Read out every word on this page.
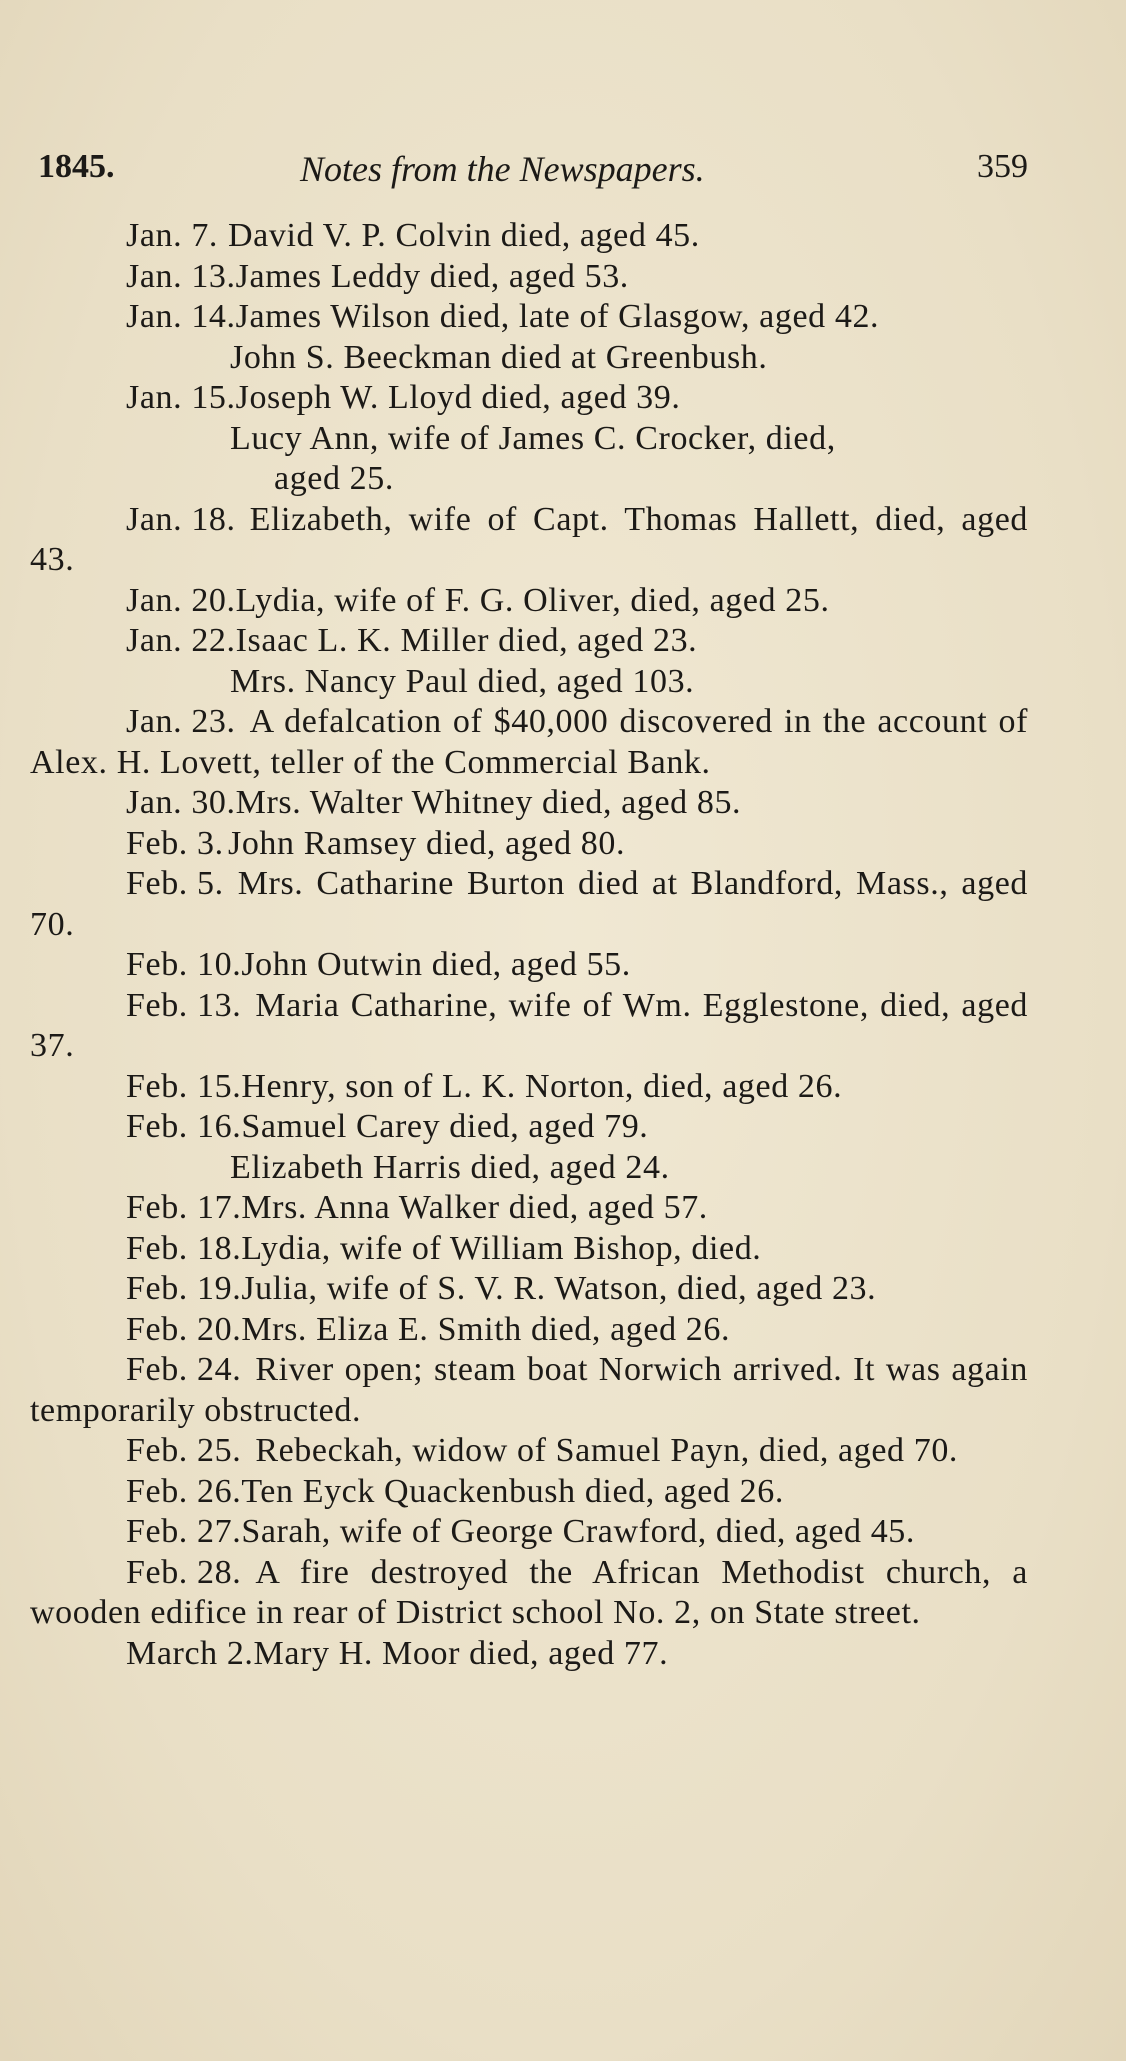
1845.	Notes from the Newspapers.	359

Jan. 7. David V. P. Colvin died, aged 45.

Jan. 13.James Leddy died, aged 53.

Jan. 14.James Wilson died, late of Glasgow, aged 42.

John S. Beeckman died at Greenbush.

Jan. 15.Joseph W. Lloyd died, aged 39.

Lucy Ann, wife of James C. Crocker, died,

aged 25.

Jan. 18. Elizabeth, wife of Capt. Thomas Hallett, died, aged 43.

Jan. 20.Lydia, wife of F. G. Oliver, died, aged 25.

Jan. 22.Isaac L. K. Miller died, aged 23.

Mrs. Nancy Paul died, aged 103.

Jan. 23. A defalcation of $40,000 discovered in the account of Alex. H. Lovett, teller of the Commercial Bank.

Jan. 30.Mrs. Walter Whitney died, aged 85.

Feb. 3. John Ramsey died, aged 80.

Feb. 5. Mrs. Catharine Burton died at Blandford, Mass., aged 70.

Feb. 10.John Outwin died, aged 55.

Feb. 13. Maria Catharine, wife of Wm. Egglestone, died, aged 37.

Feb. 15.Henry, son of L. K. Norton, died, aged 26.

Feb. 16.Samuel Carey died, aged 79.

Elizabeth Harris died, aged 24.

Feb. 17.Mrs. Anna Walker died, aged 57.

Feb. 18.Lydia, wife of William Bishop, died.

Feb. 19.Julia, wife of S. V. R. Watson, died, aged 23.

Feb. 20.Mrs. Eliza E. Smith died, aged 26.

Feb. 24. River open; steam boat Norwich arrived. It was again temporarily obstructed.

Feb. 25. Rebeckah, widow of Samuel Payn, died, aged 70.

Feb. 26.Ten Eyck Quackenbush died, aged 26.

Feb. 27.Sarah, wife of George Crawford, died, aged 45.

Feb. 28. A fire destroyed the African Methodist church, a wooden edifice in rear of District school No. 2, on State street.

March 2.Mary H. Moor died, aged 77.
